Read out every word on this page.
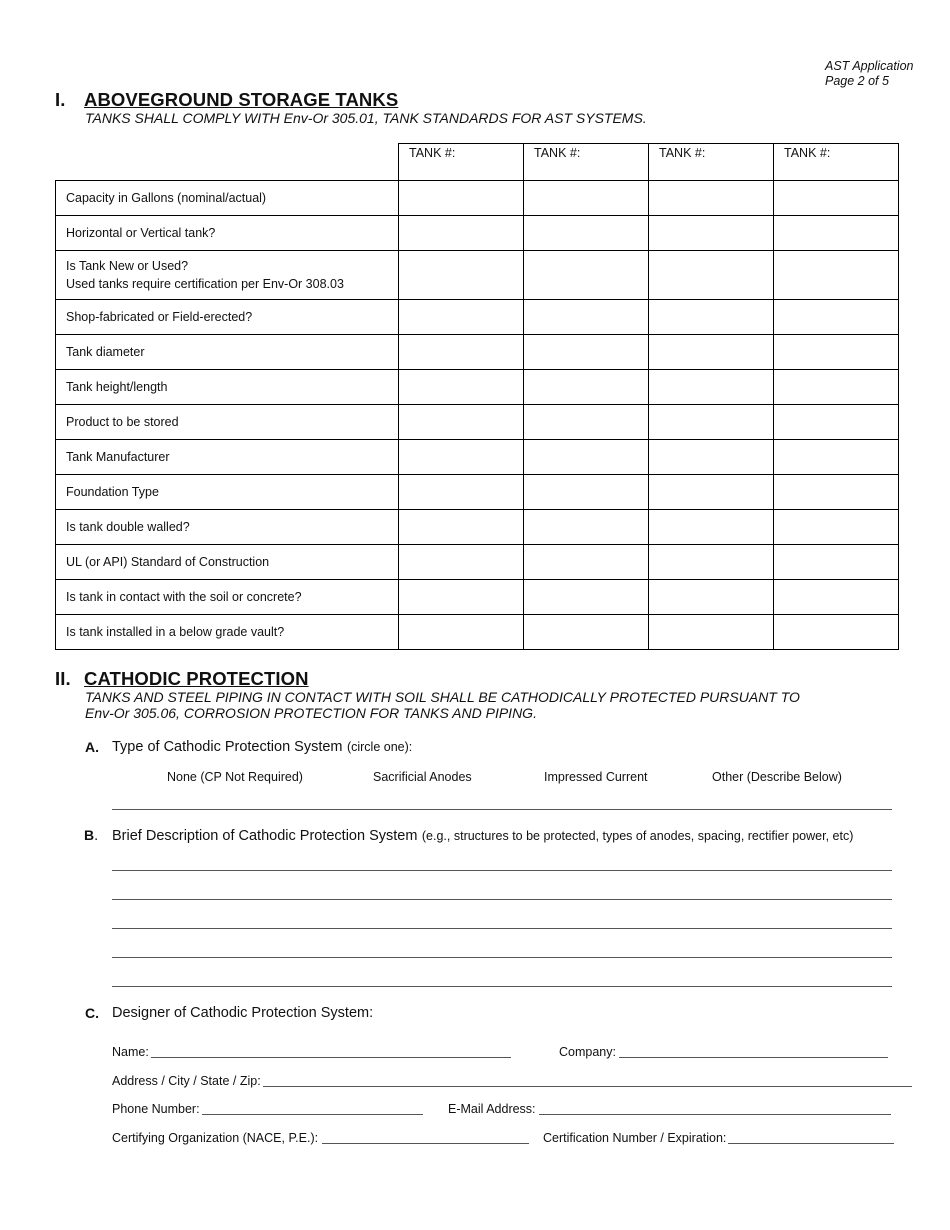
AST Application
Page 2 of 5
I. ABOVEGROUND STORAGE TANKS
TANKS SHALL COMPLY WITH Env-Or 305.01, TANK STANDARDS FOR AST SYSTEMS.
	TANK #:	TANK #:	TANK #:	TANK #:

Capacity in Gallons (nominal/actual)				

Horizontal or Vertical tank?				

Is Tank New or Used?
Used tanks require certification per Env-Or 308.03				

Shop-fabricated or Field-erected?				

Tank diameter				

Tank height/length				

Product to be stored				

Tank Manufacturer				

Foundation Type				

Is tank double walled?				

UL (or API) Standard of Construction				

Is tank in contact with the soil or concrete?				

Is tank installed in a below grade vault?				

II. CATHODIC PROTECTION
TANKS AND STEEL PIPING IN CONTACT WITH SOIL SHALL BE CATHODICALLY PROTECTED PURSUANT TO
Env-Or 305.06, CORROSION PROTECTION FOR TANKS AND PIPING.
A. Type of Cathodic Protection System (circle one):
None (CP Not Required)	Sacrificial Anodes	Impressed Current	Other (Describe Below)
B. Brief Description of Cathodic Protection System (e.g., structures to be protected, types of anodes, spacing, rectifier power, etc)
C. Designer of Cathodic Protection System:
Name:	Company:
Address / City / State / Zip:
Phone Number:	E-Mail Address:
Certifying Organization (NACE, P.E.):	Certification Number / Expiration:
